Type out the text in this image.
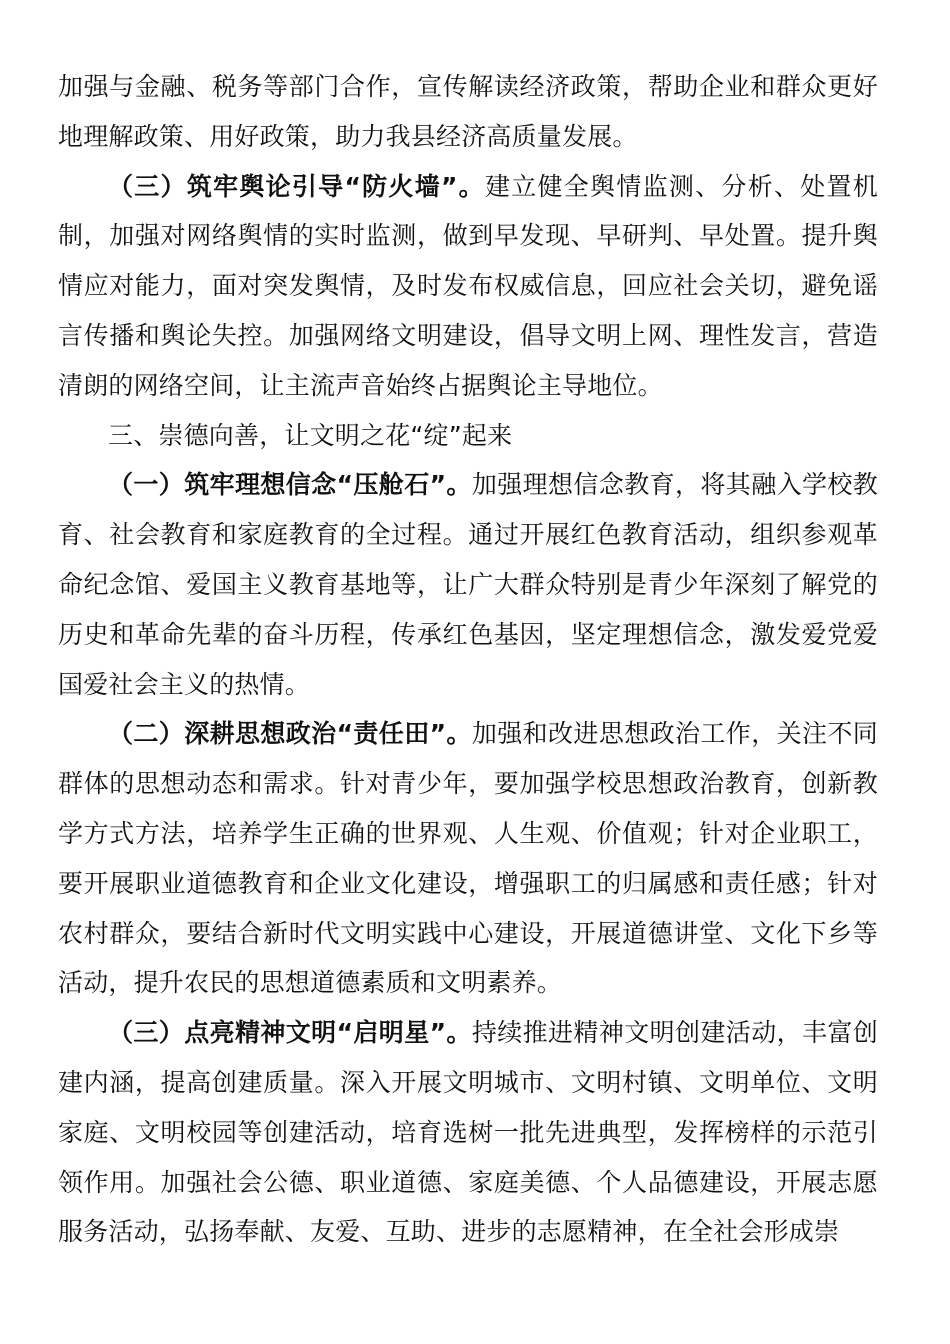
加强与金融、税务等部门合作，宣传解读经济政策，帮助企业和群众更好地理解政策、用好政策，助力我县经济高质量发展。

（三）筑牢舆论引导“防火墙”。建立健全舆情监测、分析、处置机制，加强对网络舆情的实时监测，做到早发现、早研判、早处置。提升舆情应对能力，面对突发舆情，及时发布权威信息，回应社会关切，避免谣言传播和舆论失控。加强网络文明建设，倡导文明上网、理性发言，营造清朗的网络空间，让主流声音始终占据舆论主导地位。

三、崇德向善，让文明之花“绽”起来

（一）筑牢理想信念“压舱石”。加强理想信念教育，将其融入学校教育、社会教育和家庭教育的全过程。通过开展红色教育活动，组织参观革命纪念馆、爱国主义教育基地等，让广大群众特别是青少年深刻了解党的历史和革命先辈的奋斗历程，传承红色基因，坚定理想信念，激发爱党爱国爱社会主义的热情。

（二）深耕思想政治“责任田”。加强和改进思想政治工作，关注不同群体的思想动态和需求。针对青少年，要加强学校思想政治教育，创新教学方式方法，培养学生正确的世界观、人生观、价值观；针对企业职工，要开展职业道德教育和企业文化建设，增强职工的归属感和责任感；针对农村群众，要结合新时代文明实践中心建设，开展道德讲堂、文化下乡等活动，提升农民的思想道德素质和文明素养。

（三）点亮精神文明“启明星”。持续推进精神文明创建活动，丰富创建内涵，提高创建质量。深入开展文明城市、文明村镇、文明单位、文明家庭、文明校园等创建活动，培育选树一批先进典型，发挥榜样的示范引领作用。加强社会公德、职业道德、家庭美德、个人品德建设，开展志愿服务活动，弘扬奉献、友爱、互助、进步的志愿精神，在全社会形成崇
